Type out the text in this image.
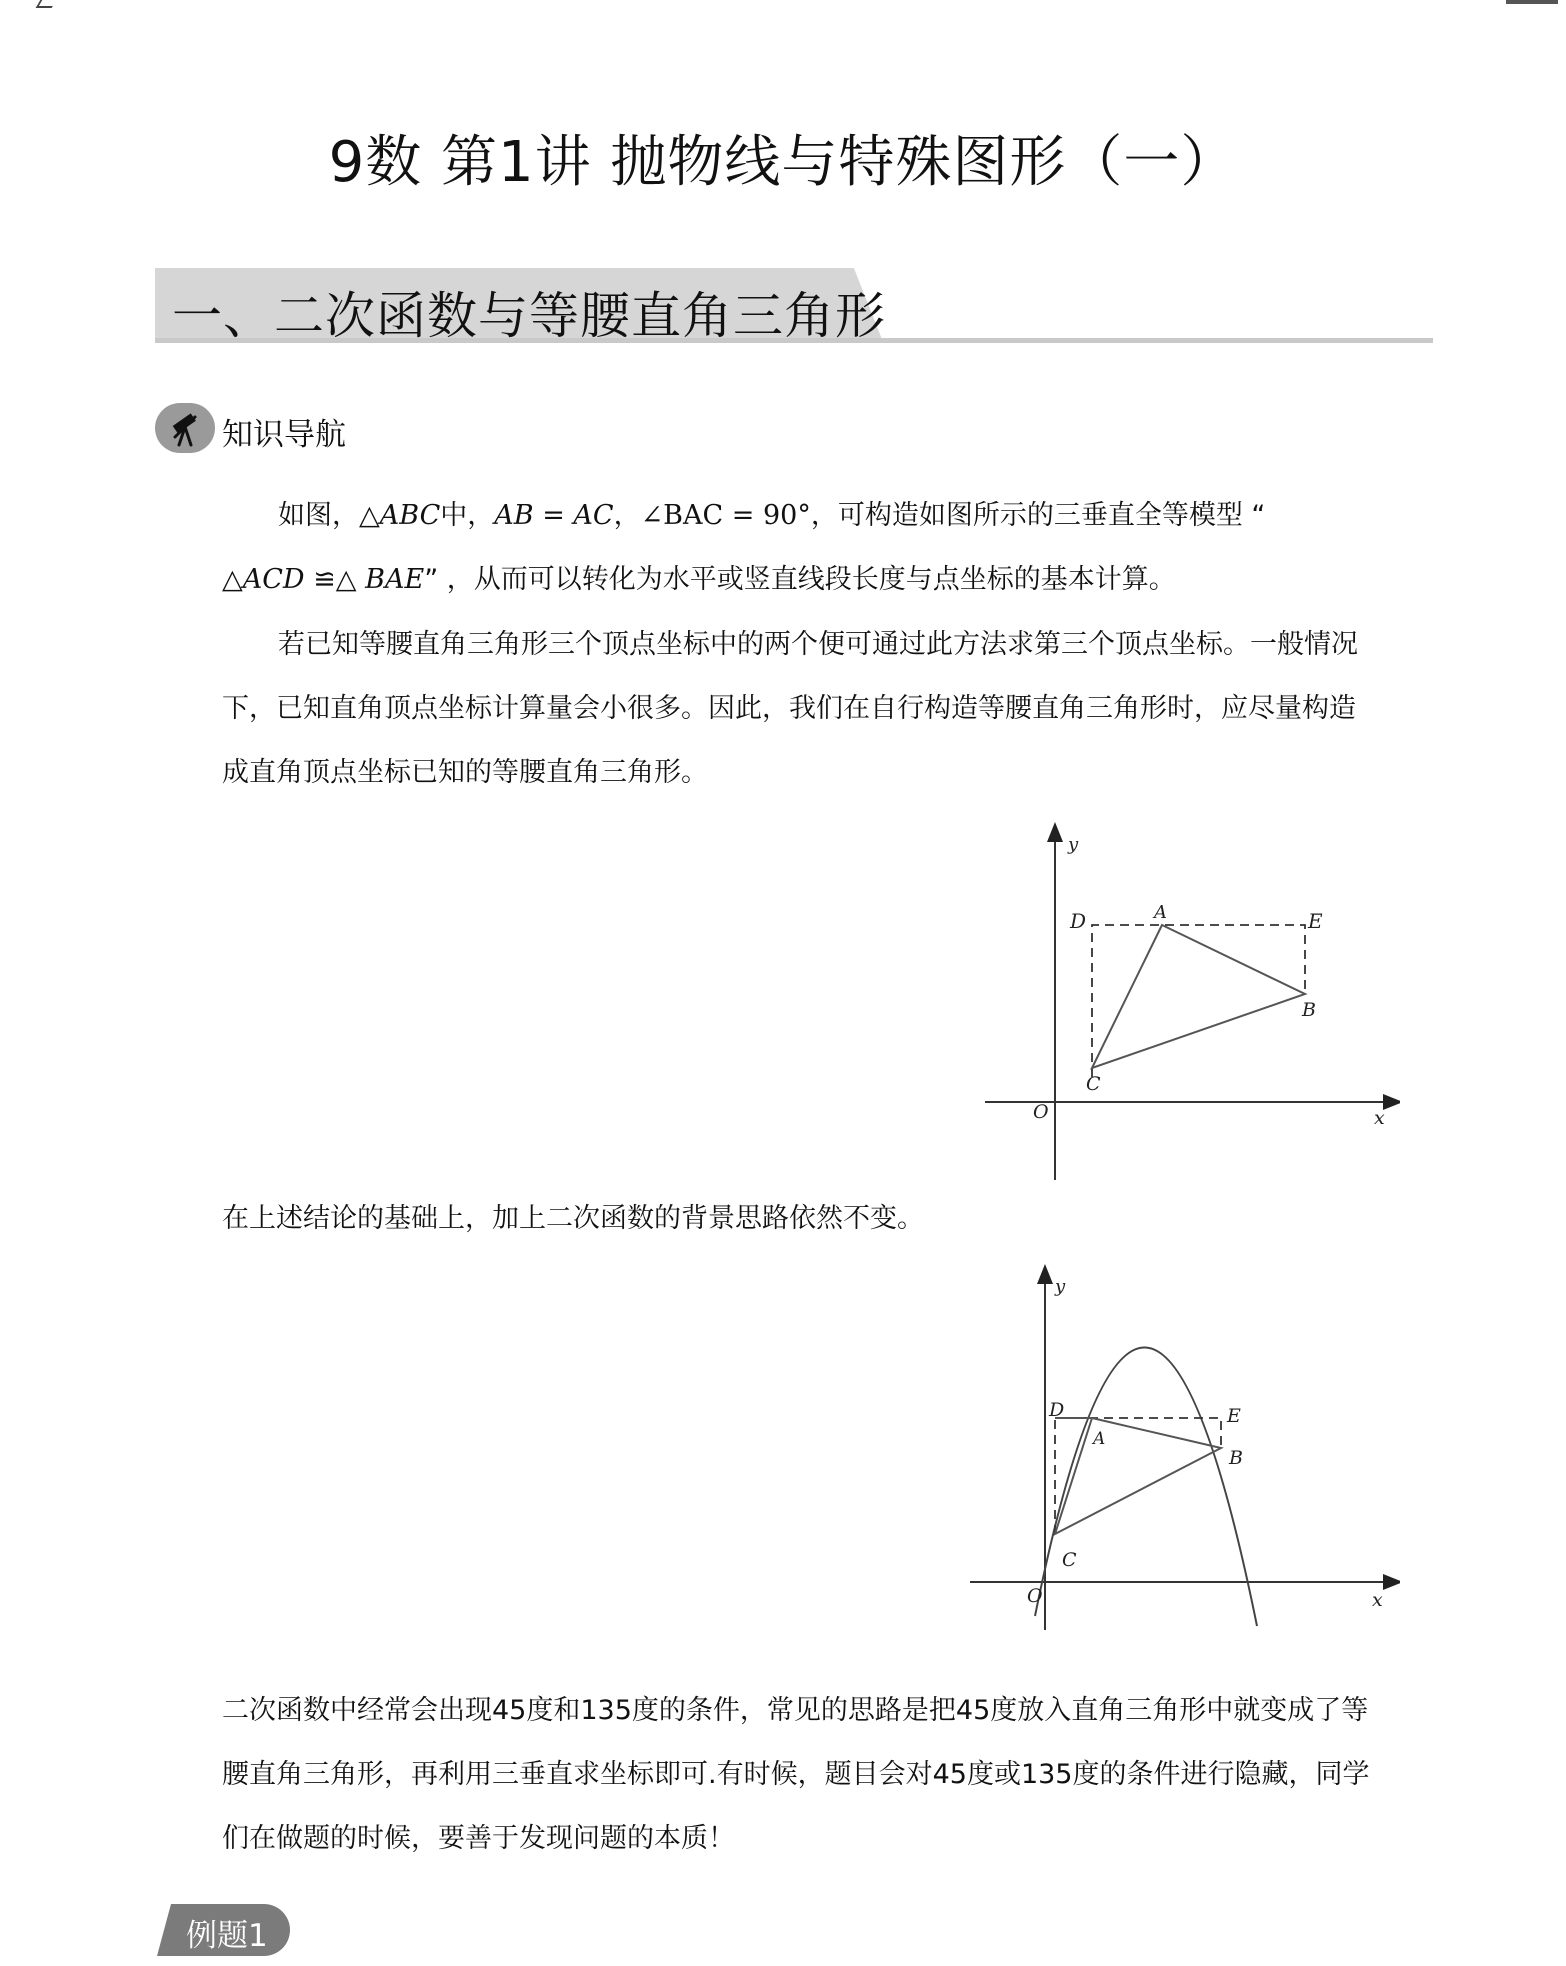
9数 第1讲 抛物线与特殊图形（一）
一、二次函数与等腰直角三角形
知识导航
如图，△ABC中，AB = AC，∠BAC = 90°，可构造如图所示的三垂直全等模型 “
△ACD ≌△ BAE” ，从而可以转化为水平或竖直线段长度与点坐标的基本计算。
若已知等腰直角三角形三个顶点坐标中的两个便可通过此方法求第三个顶点坐标。一般情况
下，已知直角顶点坐标计算量会小很多。因此，我们在自行构造等腰直角三角形时，应尽量构造
成直角顶点坐标已知的等腰直角三角形。
y
D	A	E
B
C
O	x
在上述结论的基础上，加上二次函数的背景思路依然不变。
y
D
A
E
B
C
O	x
二次函数中经常会出现45度和135度的条件，常见的思路是把45度放入直角三角形中就变成了等
腰直角三角形，再利用三垂直求坐标即可.有时候，题目会对45度或135度的条件进行隐藏，同学
们在做题的时候，要善于发现问题的本质！
例题1
